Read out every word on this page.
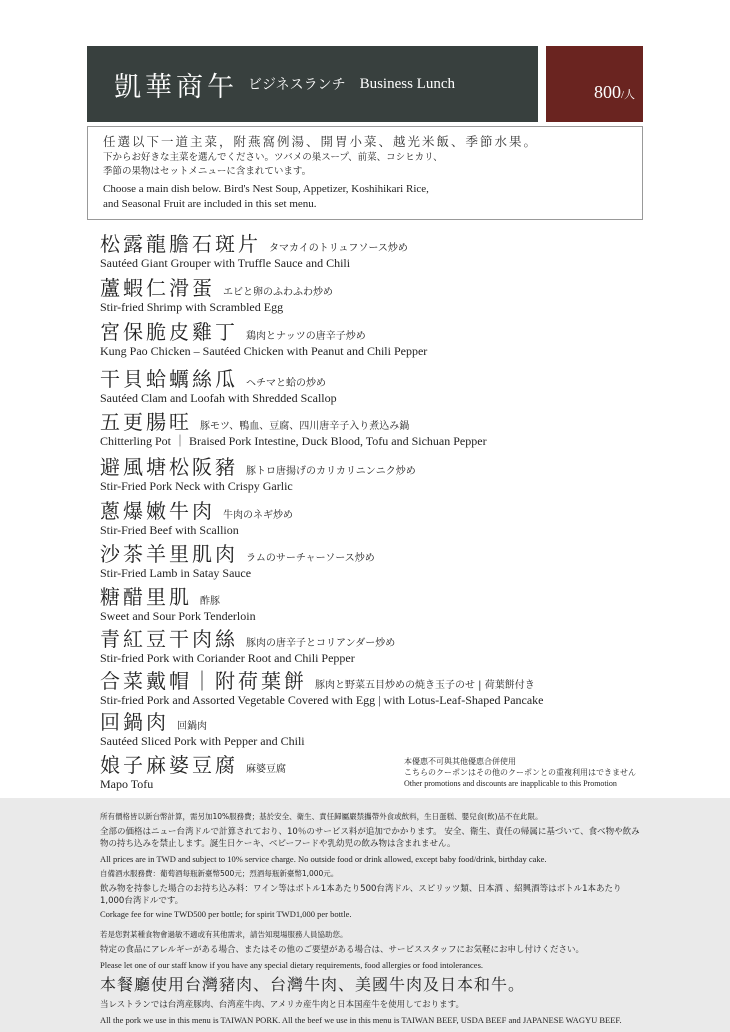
凱華商午 ビジネスランチ Business Lunch	800/人
任選以下一道主菜，附燕窩例湯、開胃小菜、越光米飯、季節水果。
下からお好きな主菜を選んでください。ツバメの巣スープ、前菜、コシヒカリ、
季節の果物はセットメニューに含まれています。
Choose a main dish below. Bird's Nest Soup, Appetizer, Koshihikari Rice,
and Seasonal Fruit are included in this set menu.
松露龍膽石斑片 タマカイのトリュフソース炒め
Sautéed Giant Grouper with Truffle Sauce and Chili
蘆蝦仁滑蛋 エビと卵のふわふわ炒め
Stir-fried Shrimp with Scrambled Egg
宮保脆皮雞丁 鶏肉とナッツの唐辛子炒め
Kung Pao Chicken – Sautéed Chicken with Peanut and Chili Pepper
干貝蛤蠣絲瓜 ヘチマと蛤の炒め
Sautéed Clam and Loofah with Shredded Scallop
五更腸旺 豚モツ、鴨血、豆腐、四川唐辛子入り煮込み鍋
Chitterling Pot ｜ Braised Pork Intestine, Duck Blood, Tofu and Sichuan Pepper
避風塘松阪豬 豚トロ唐揚げのカリカリニンニク炒め
Stir-Fried Pork Neck with Crispy Garlic
蔥爆嫩牛肉 牛肉のネギ炒め
Stir-Fried Beef with Scallion
沙茶羊里肌肉 ラムのサーチャーソース炒め
Stir-Fried Lamb in Satay Sauce
糖醋里肌 酢豚
Sweet and Sour Pork Tenderloin
青紅豆干肉絲 豚肉の唐辛子とコリアンダー炒め
Stir-fried Pork with Coriander Root and Chili Pepper
合菜戴帽｜附荷葉餅 豚肉と野菜五目炒めの焼き玉子のせ | 荷葉餅付き
Stir-fried Pork and Assorted Vegetable Covered with Egg | with Lotus-Leaf-Shaped Pancake
回鍋肉 回鍋肉
Sautéed Sliced Pork with Pepper and Chili
娘子麻婆豆腐 麻婆豆腐
Mapo Tofu
本優惠不可與其他優惠合併使用
こちらのクーポンはその他のクーポンとの重複利用はできません
Other promotions and discounts are inapplicable to this Promotion

所有價格皆以新台幣計算，需另加10%服務費；基於安全、衛生、責任歸屬嚴禁攜帶外食或飲料，生日蛋糕、嬰兒食(飲)品不在此限。

全部の価格はニュー台湾ドルで計算されており、10％のサービス料が追加でかかります。 安全、衛生、責任の帰属に基づいて、食べ物や飲み物の持ち込みを禁止します。誕生日ケーキ、ベビーフードや乳幼児の飲み物は含まれません。

All prices are in TWD and subject to 10% service charge. No outside food or drink allowed, except baby food/drink, birthday cake.

自備酒水服務費：葡萄酒每瓶新臺幣500元；烈酒每瓶新臺幣1,000元。

飲み物を持参した場合のお持ち込み料：ワイン等はボトル1本あたり500台湾ドル、スピリッツ類、日本酒 、紹興酒等はボトル1本あたり1,000台湾ドルです。

Corkage fee for wine TWD500 per bottle; for spirit TWD1,000 per bottle.

若是您對某種食物會過敏不適或有其他需求，請告知現場服務人員協助您。

特定の食品にアレルギーがある場合、またはその他のご要望がある場合は、サービススタッフにお気軽にお申し付けください。

Please let one of our staff know if you have any special dietary requirements, food allergies or food intolerances.

本餐廳使用台灣豬肉、台灣牛肉、美國牛肉及日本和牛。

当レストランでは台湾産豚肉、台湾産牛肉、アメリカ産牛肉と日本国産牛を使用しております。

All the pork we use in this menu is TAIWAN PORK. All the beef we use in this menu is TAIWAN BEEF, USDA BEEF and JAPANESE WAGYU BEEF.
